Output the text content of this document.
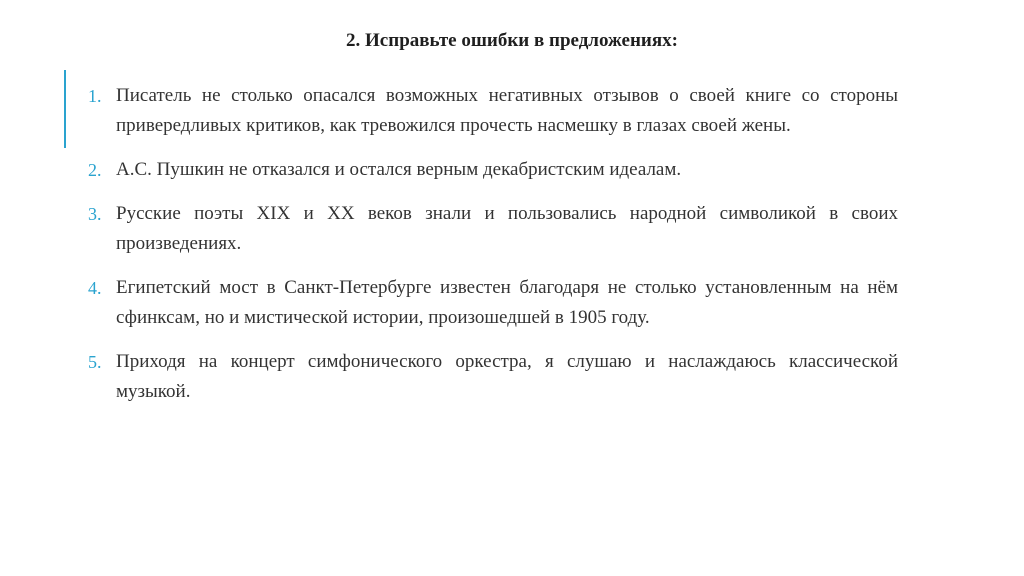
2. Исправьте ошибки в предложениях:
1. Писатель не столько опасался возможных негативных отзывов о своей книге со стороны привередливых критиков, как тревожился прочесть насмешку в глазах своей жены.
2. А.С. Пушкин не отказался и остался верным декабристским идеалам.
3. Русские поэты XIX и XX веков знали и пользовались народной символикой в своих произведениях.
4. Египетский мост в Санкт-Петербурге известен благодаря не столько установленным на нём сфинксам, но и мистической истории, произошедшей в 1905 году.
5. Приходя на концерт симфонического оркестра, я слушаю и наслаждаюсь классической музыкой.
